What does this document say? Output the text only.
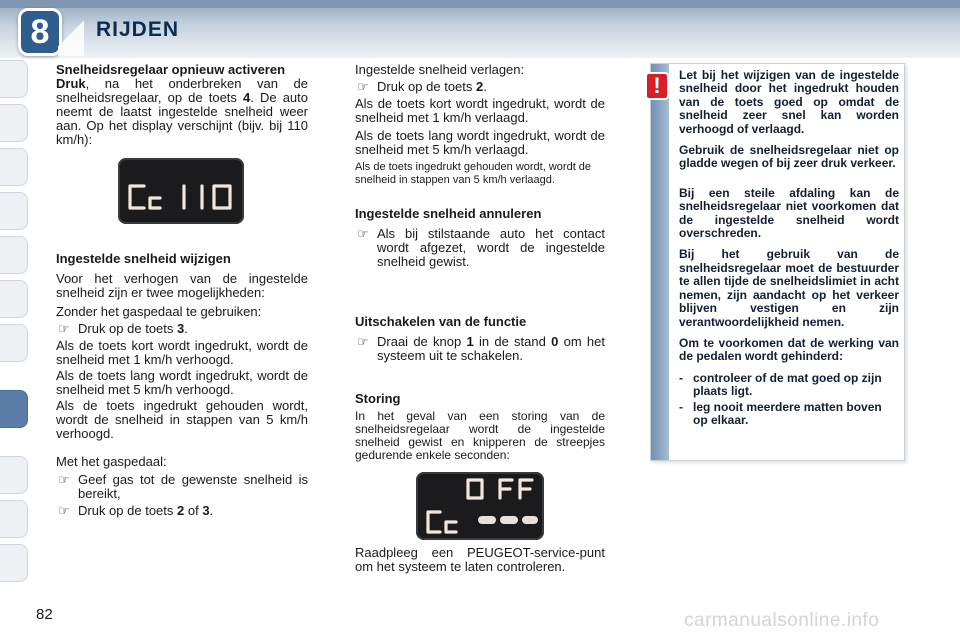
8 RIJDEN
Snelheidsregelaar opnieuw activeren

Druk, na het onderbreken van de snelheidsregelaar, op de toets 4. De auto neemt de laatst ingestelde snelheid weer aan. Op het display verschijnt (bijv. bij 110 km/h):

110
Ingestelde snelheid wijzigen

Voor het verhogen van de ingestelde snelheid zijn er twee mogelijkheden:

Zonder het gaspedaal te gebruiken:

☞ Druk op de toets 3.

Als de toets kort wordt ingedrukt, wordt de snelheid met 1 km/h verhoogd.

Als de toets lang wordt ingedrukt, wordt de snelheid met 5 km/h verhoogd.

Als de toets ingedrukt gehouden wordt, wordt de snelheid in stappen van 5 km/h verhoogd.

Met het gaspedaal:

☞ Geef gas tot de gewenste snelheid is bereikt,
☞ Druk op de toets 2 of 3.

Ingestelde snelheid verlagen:

☞ Druk op de toets 2.

Als de toets kort wordt ingedrukt, wordt de snelheid met 1 km/h verlaagd.

Als de toets lang wordt ingedrukt, wordt de snelheid met 5 km/h verlaagd.

Als de toets ingedrukt gehouden wordt, wordt de snelheid in stappen van 5 km/h verlaagd.

Ingestelde snelheid annuleren
☞ Als bij stilstaande auto het contact wordt afgezet, wordt de ingestelde snelheid gewist.
Uitschakelen van de functie
☞ Draai de knop 1 in de stand 0 om het systeem uit te schakelen.
Storing

In het geval van een storing van de snelheidsregelaar wordt de ingestelde snelheid gewist en knipperen de streepjes gedurende enkele seconden:

Raadpleeg een PEUGEOT-service-punt om het systeem te laten controleren.

!	Let bij het wijzigen van de ingestelde snelheid door het ingedrukt houden van de toets goed op omdat de snelheid zeer snel kan worden verhoogd of verlaagd.

Gebruik de snelheidsregelaar niet op gladde wegen of bij zeer druk verkeer.

Bij een steile afdaling kan de snelheidsregelaar niet voorkomen dat de ingestelde snelheid wordt overschreden.

Bij het gebruik van de snelheidsregelaar moet de bestuurder te allen tijde de snelheidslimiet in acht nemen, zijn aandacht op het verkeer blijven vestigen en zijn verantwoordelijkheid nemen.

Om te voorkomen dat de werking van de pedalen wordt gehinderd:

- controleer of de mat goed op zijn plaats ligt.
- leg nooit meerdere matten boven op elkaar.
82	carmanualsonline.info
